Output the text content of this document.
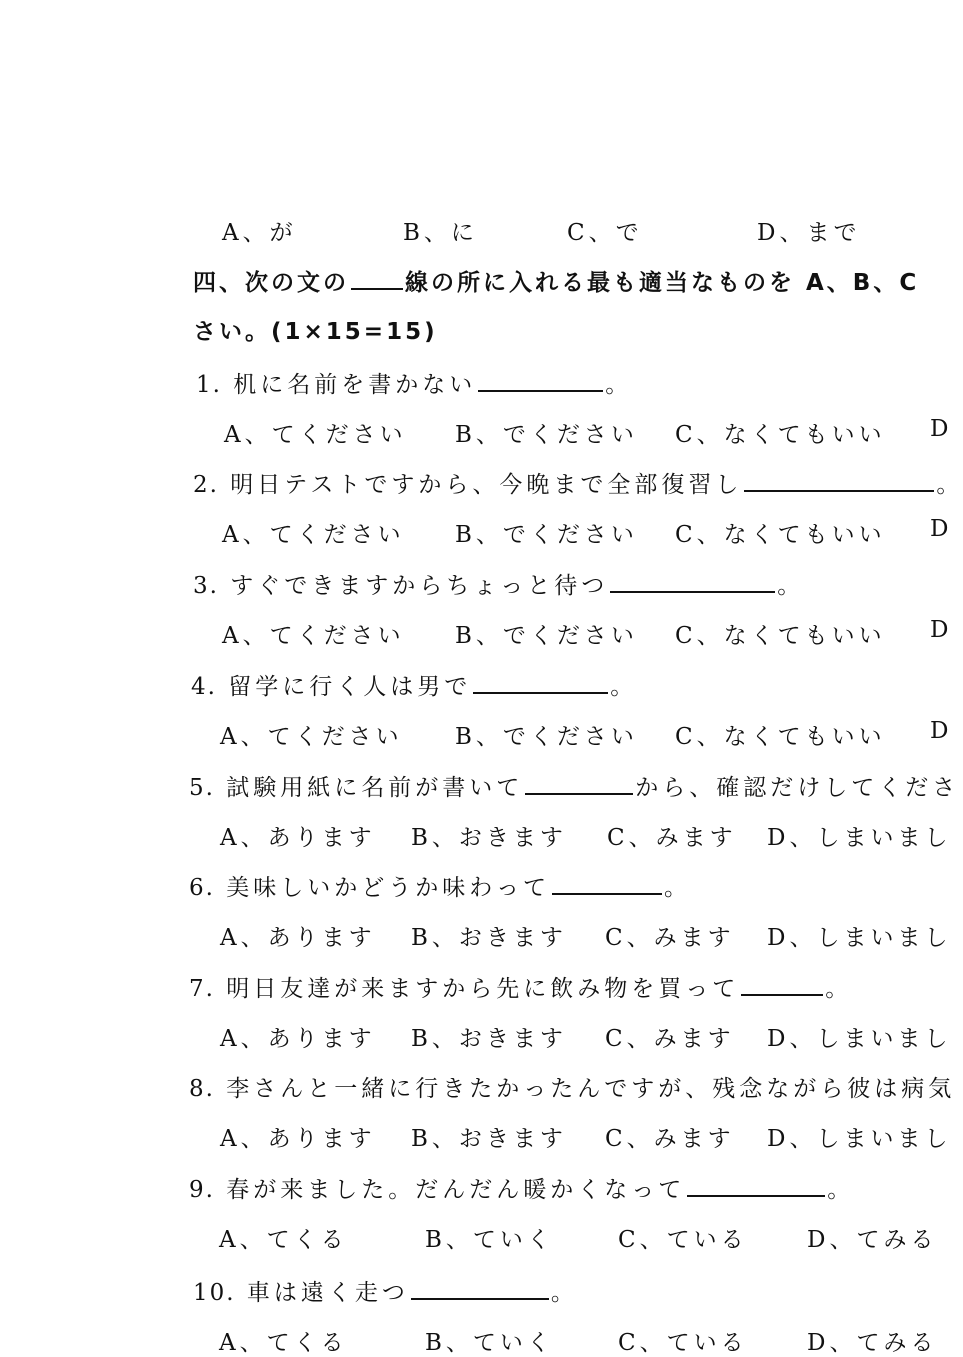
A、が	B、に	C、で	D、まで
四、次の文の 線の所に入れる最も適当なものを A、B、C
さい。(1×15=15)
1. 机に名前を書かない	。
A、てください B、でください C、なくてもいい D
2. 明日テストですから、今晩まで全部復習し	。
A、てください B、でください C、なくてもいい D
3. すぐできますからちょっと待つ	。
A、てください B、でください C、なくてもいい D
4. 留学に行く人は男で	。
A、てください B、でください C、なくてもいい D
5. 試験用紙に名前が書いて	から、確認だけしてくださ
A、あります B、おきます C、みます D、しまいまし
6. 美味しいかどうか味わって	。
A、あります B、おきます C、みます D、しまいまし
7. 明日友達が来ますから先に飲み物を買って	。
A、あります B、おきます C、みます D、しまいまし
8. 李さんと一緒に行きたかったんですが、残念ながら彼は病気
A、あります B、おきます C、みます D、しまいまし
9. 春が来ました。だんだん暖かくなって	。
A、てくる	B、ていく	C、ている	D、てみる
10. 車は遠く走つ	。
A、てくる	B、ていく	C、ている	D、てみる
